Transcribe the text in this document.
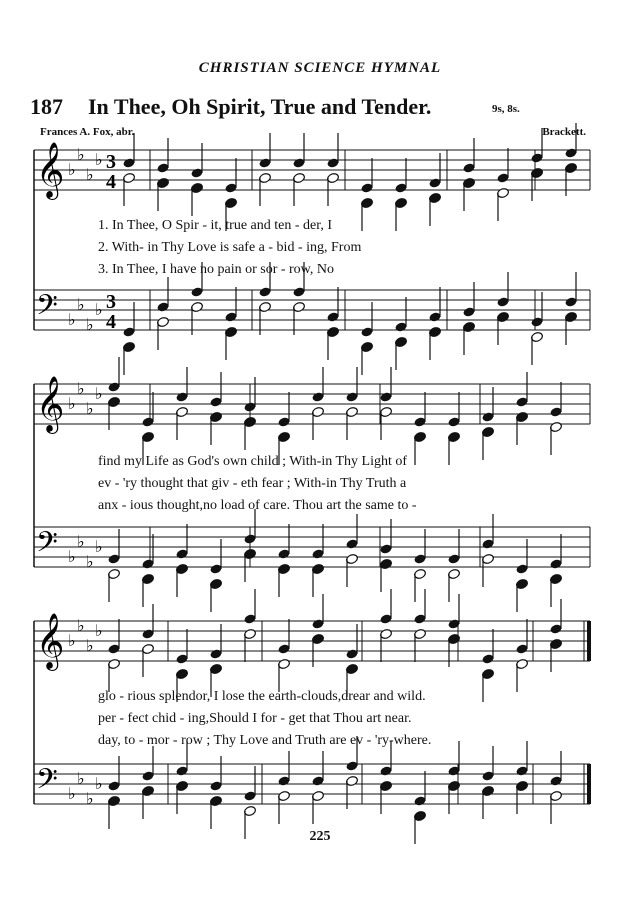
CHRISTIAN SCIENCE HYMNAL
187 In Thee, Oh Spirit, True and Tender.	9s, 8s.
Frances A. Fox, abr.	Brackett.
𝄞 ♭
♭
♭
♭ 3
4
𝄢 ♭
♭
♭
♭ 3
4
𝄞 ♭
♭
♭
♭
𝄢 ♭
♭
♭
♭
𝄞 ♭
♭
♭
♭
𝄢 ♭
♭
♭
♭
1. In Thee, O Spir - it, true and ten - der, I
2. With- in Thy Love is safe a - bid - ing, From
3. In Thee, I have no pain or sor - row, No
find my Life as God's own child ; With-in Thy Light of
ev - 'ry thought that giv - eth fear ; With-in Thy Truth a
anx - ious thought,no load of care. Thou art the same to -
glo - rious splendor, I lose the earth-clouds,drear and wild.
per - fect chid - ing,Should I for - get that Thou art near.
day, to - mor - row ; Thy Love and Truth are ev - 'ry-where.
225
